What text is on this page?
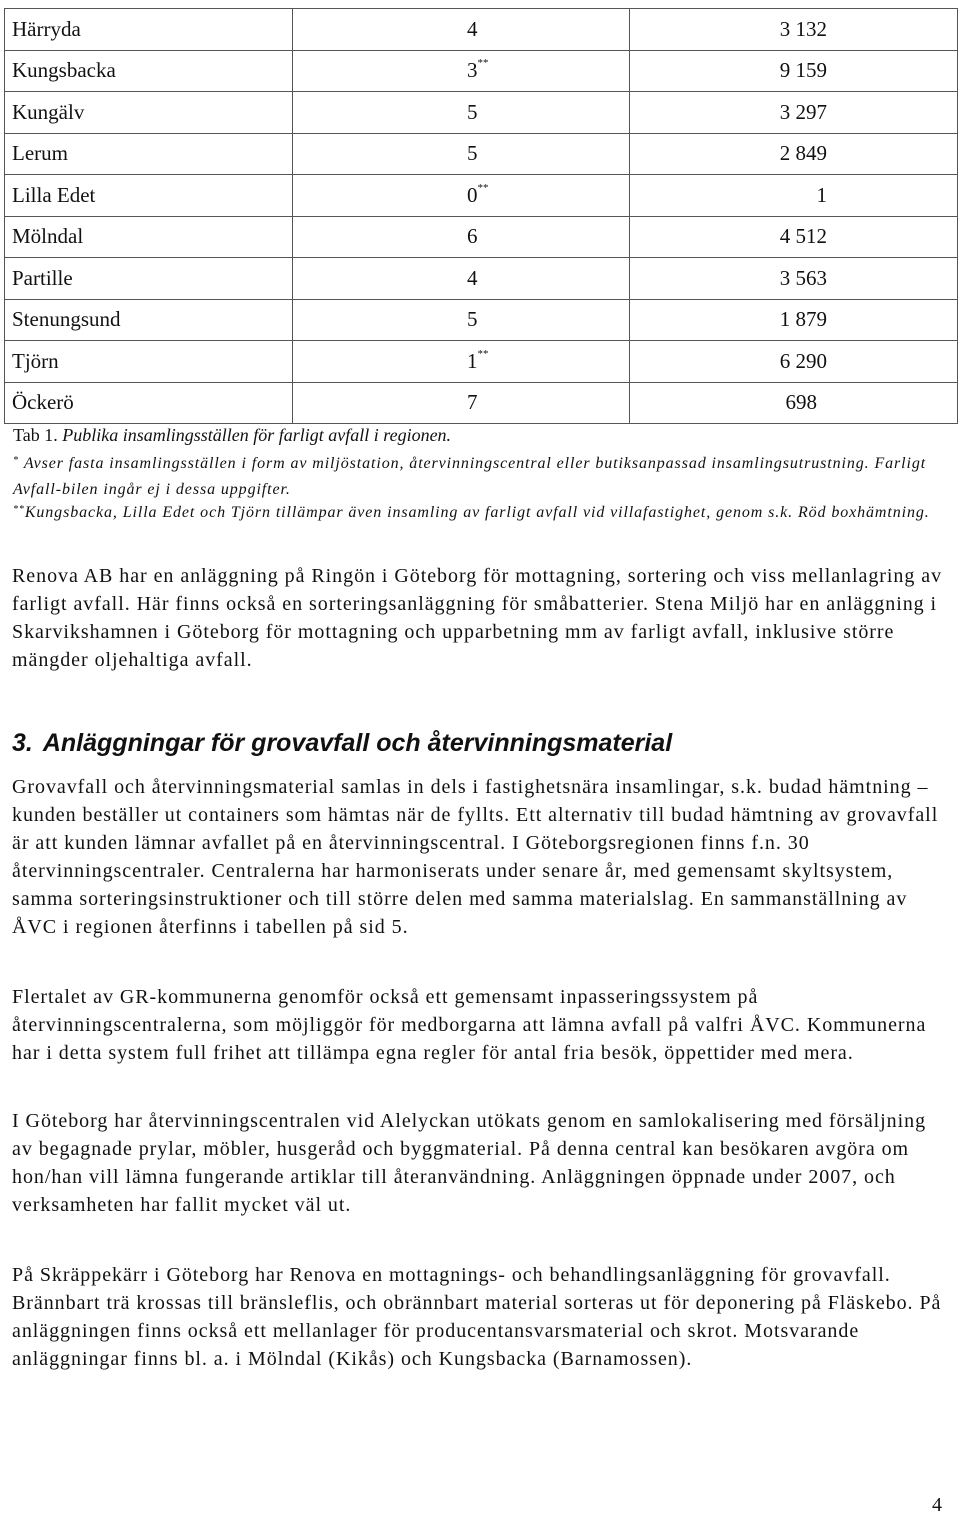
Härryda	4	3 132
Kungsbacka	3**	9 159
Kungälv	5	3 297
Lerum	5	2 849
Lilla Edet	0**	1
Mölndal	6	4 512
Partille	4	3 563
Stenungsund	5	1 879
Tjörn	1**	6 290
Öckerö	7	698
Tab 1. Publika insamlingsställen för farligt avfall i regionen.
* Avser fasta insamlingsställen i form av miljöstation, återvinningscentral eller butiksanpassad insamlingsutrustning. Farligt Avfall-bilen ingår ej i dessa uppgifter.
**Kungsbacka, Lilla Edet och Tjörn tillämpar även insamling av farligt avfall vid villafastighet, genom s.k. Röd boxhämtning.

Renova AB har en anläggning på Ringön i Göteborg för mottagning, sortering och viss mellanlagring av farligt avfall. Här finns också en sorteringsanläggning för småbatterier. Stena Miljö har en anläggning i Skarvikshamnen i Göteborg för mottagning och upparbetning mm av farligt avfall, inklusive större mängder oljehaltiga avfall.

3. Anläggningar för grovavfall och återvinningsmaterial

Grovavfall och återvinningsmaterial samlas in dels i fastighetsnära insamlingar, s.k. budad hämtning – kunden beställer ut containers som hämtas när de fyllts. Ett alternativ till budad hämtning av grovavfall är att kunden lämnar avfallet på en återvinningscentral. I Göteborgsregionen finns f.n. 30 återvinningscentraler. Centralerna har harmoniserats under senare år, med gemensamt skyltsystem, samma sorteringsinstruktioner och till större delen med samma materialslag. En sammanställning av ÅVC i regionen återfinns i tabellen på sid 5.

Flertalet av GR-kommunerna genomför också ett gemensamt inpasseringssystem på återvinningscentralerna, som möjliggör för medborgarna att lämna avfall på valfri ÅVC. Kommunerna har i detta system full frihet att tillämpa egna regler för antal fria besök, öppettider med mera.

I Göteborg har återvinningscentralen vid Alelyckan utökats genom en samlokalisering med försäljning av begagnade prylar, möbler, husgeråd och byggmaterial. På denna central kan besökaren avgöra om hon/han vill lämna fungerande artiklar till återanvändning. Anläggningen öppnade under 2007, och verksamheten har fallit mycket väl ut.

På Skräppekärr i Göteborg har Renova en mottagnings- och behandlingsanläggning för grovavfall. Brännbart trä krossas till bränsleflis, och obrännbart material sorteras ut för deponering på Fläskebo. På anläggningen finns också ett mellanlager för producentansvarsmaterial och skrot. Motsvarande anläggningar finns bl. a. i Mölndal (Kikås) och Kungsbacka (Barnamossen).

4
